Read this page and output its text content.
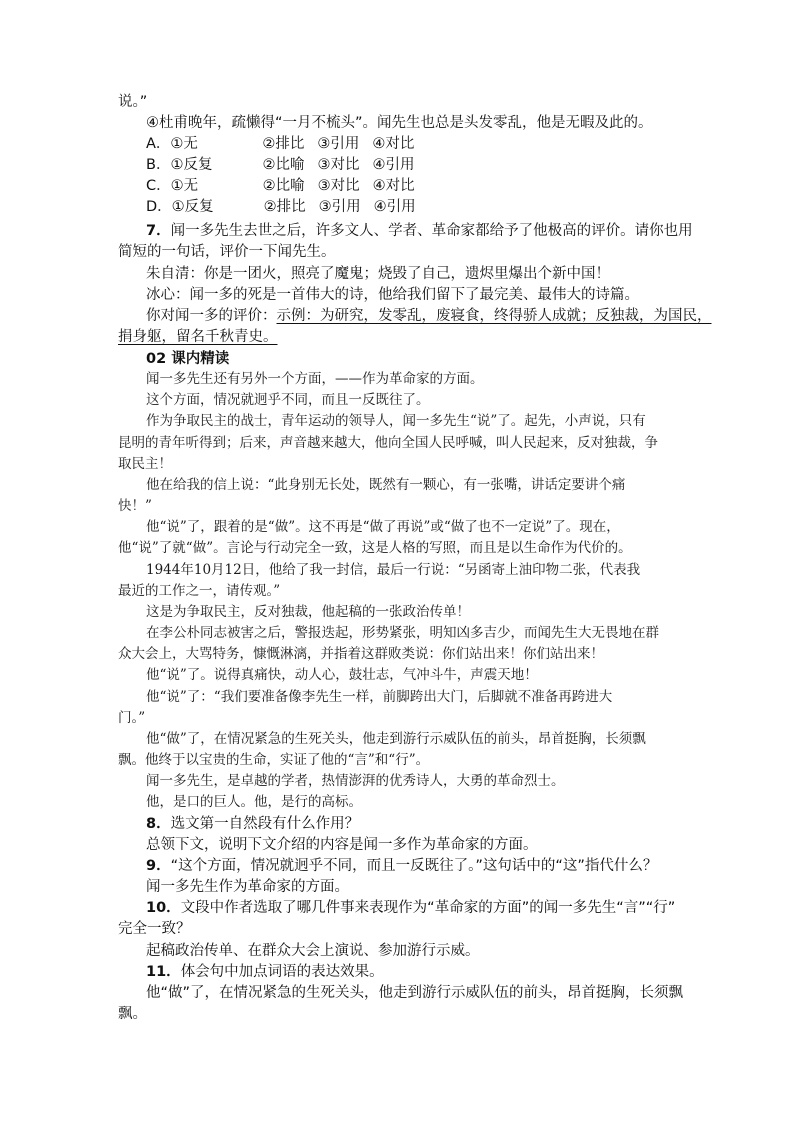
说。”
④杜甫晚年，疏懒得“一月不梳头”。闻先生也总是头发零乱，他是无暇及此的。
A．①无	②排比 ③引用 ④对比
B．①反复	②比喻 ③对比 ④引用
C．①无	②比喻 ③对比 ④对比
D．①反复	②排比 ③引用 ④引用
7．闻一多先生去世之后，许多文人、学者、革命家都给予了他极高的评价。请你也用
简短的一句话，评价一下闻先生。
朱自清：你是一团火，照亮了魔鬼；烧毁了自己，遗烬里爆出个新中国！
冰心：闻一多的死是一首伟大的诗，他给我们留下了最完美、最伟大的诗篇。
你对闻一多的评价：示例：为研究，发零乱，废寝食，终得骄人成就；反独裁，为国民，
捐身躯，留名千秋青史。
02 课内精读
闻一多先生还有另外一个方面，——作为革命家的方面。
这个方面，情况就迥乎不同，而且一反既往了。
作为争取民主的战士，青年运动的领导人，闻一多先生“说”了。起先，小声说，只有
昆明的青年听得到；后来，声音越来越大，他向全国人民呼喊，叫人民起来，反对独裁，争
取民主！
他在给我的信上说：“此身别无长处，既然有一颗心，有一张嘴，讲话定要讲个痛
快！”
他“说”了，跟着的是“做”。这不再是“做了再说”或“做了也不一定说”了。现在，
他“说”了就“做”。言论与行动完全一致，这是人格的写照，而且是以生命作为代价的。
1944年10月12日，他给了我一封信，最后一行说：“另函寄上油印物二张，代表我
最近的工作之一，请传观。”
这是为争取民主，反对独裁，他起稿的一张政治传单！
在李公朴同志被害之后，警报迭起，形势紧张，明知凶多吉少，而闻先生大无畏地在群
众大会上，大骂特务，慷慨淋漓，并指着这群败类说：你们站出来！你们站出来！
他“说”了。说得真痛快，动人心，鼓壮志，气冲斗牛，声震天地！
他“说”了：“我们要准备像李先生一样，前脚跨出大门，后脚就不准备再跨进大
门。”
他“做”了，在情况紧急的生死关头，他走到游行示威队伍的前头，昂首挺胸，长须飘
飘。他终于以宝贵的生命，实证了他的“言”和“行”。
闻一多先生，是卓越的学者，热情澎湃的优秀诗人，大勇的革命烈士。
他，是口的巨人。他，是行的高标。
8．选文第一自然段有什么作用？
总领下文，说明下文介绍的内容是闻一多作为革命家的方面。
9．“这个方面，情况就迥乎不同，而且一反既往了。”这句话中的“这”指代什么？
闻一多先生作为革命家的方面。
10．文段中作者选取了哪几件事来表现作为“革命家的方面”的闻一多先生“言”“行”
完全一致？
起稿政治传单、在群众大会上演说、参加游行示威。
11．体会句中加点词语的表达效果。
他“做”了，在情况紧急的生死关头，他走到游行示威队伍的前头，昂首挺胸，长须飘
飘。
